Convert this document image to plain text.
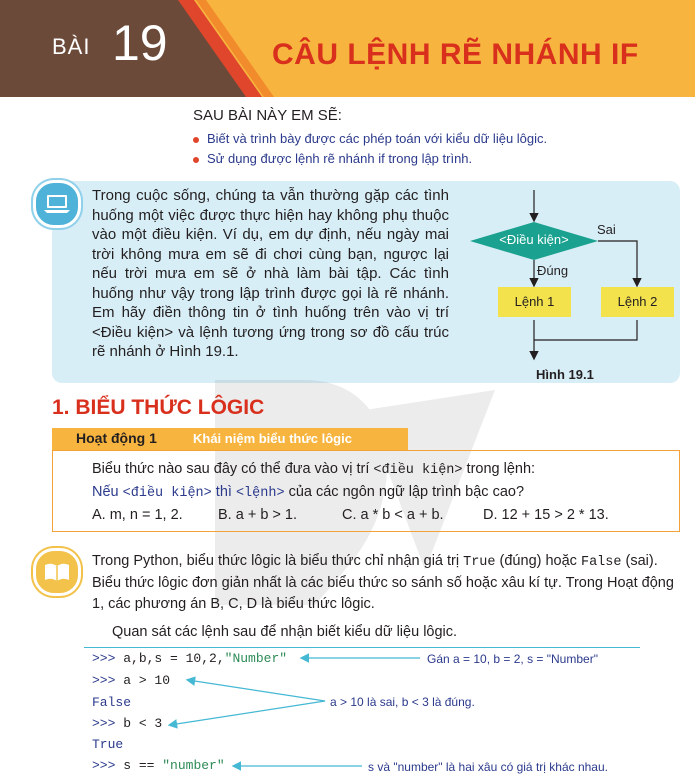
BÀI 19	CÂU LỆNH RẼ NHÁNH IF
SAU BÀI NÀY EM SẼ:
Biết và trình bày được các phép toán với kiểu dữ liệu lôgic.
Sử dụng được lệnh rẽ nhánh if trong lập trình.
Trong cuộc sống, chúng ta vẫn thường gặp các tình huống một việc được thực hiện hay không phụ thuộc vào một điều kiện. Ví dụ, em dự định, nếu ngày mai trời không mưa em sẽ đi chơi cùng bạn, ngược lại nếu trời mưa em sẽ ở nhà làm bài tập. Các tình huống như vậy trong lập trình được gọi là rẽ nhánh. Em hãy điền thông tin ở tình huống trên vào vị trí <Điều kiện> và lệnh tương ứng trong sơ đồ cấu trúc rẽ nhánh ở Hình 19.1.
<Điều kiện>
Sai
Đúng
Lệnh 1	Lệnh 2
Hình 19.1
1. BIỂU THỨC LÔGIC
Hoạt động 1	Khái niệm biểu thức lôgic
Biểu thức nào sau đây có thể đưa vào vị trí <điều kiện> trong lệnh:
Nếu <điều kiện> thì <lệnh> của các ngôn ngữ lập trình bậc cao?
A. m, n = 1, 2. B. a + b > 1.	C. a * b < a + b.	D. 12 + 15 > 2 * 13.
Trong Python, biểu thức lôgic là biểu thức chỉ nhận giá trị True (đúng) hoặc False (sai). Biểu thức lôgic đơn giản nhất là các biểu thức so sánh số hoặc xâu kí tự. Trong Hoạt động 1, các phương án B, C, D là biểu thức lôgic.
Quan sát các lệnh sau để nhận biết kiểu dữ liệu lôgic.
>>> a,b,s = 10,2,"Number"
>>> a > 10
False
>>> b < 3
True
>>> s == "number"
Gán a = 10, b = 2, s = "Number"
a > 10 là sai, b < 3 là đúng.
s và "number" là hai xâu có giá trị khác nhau.
